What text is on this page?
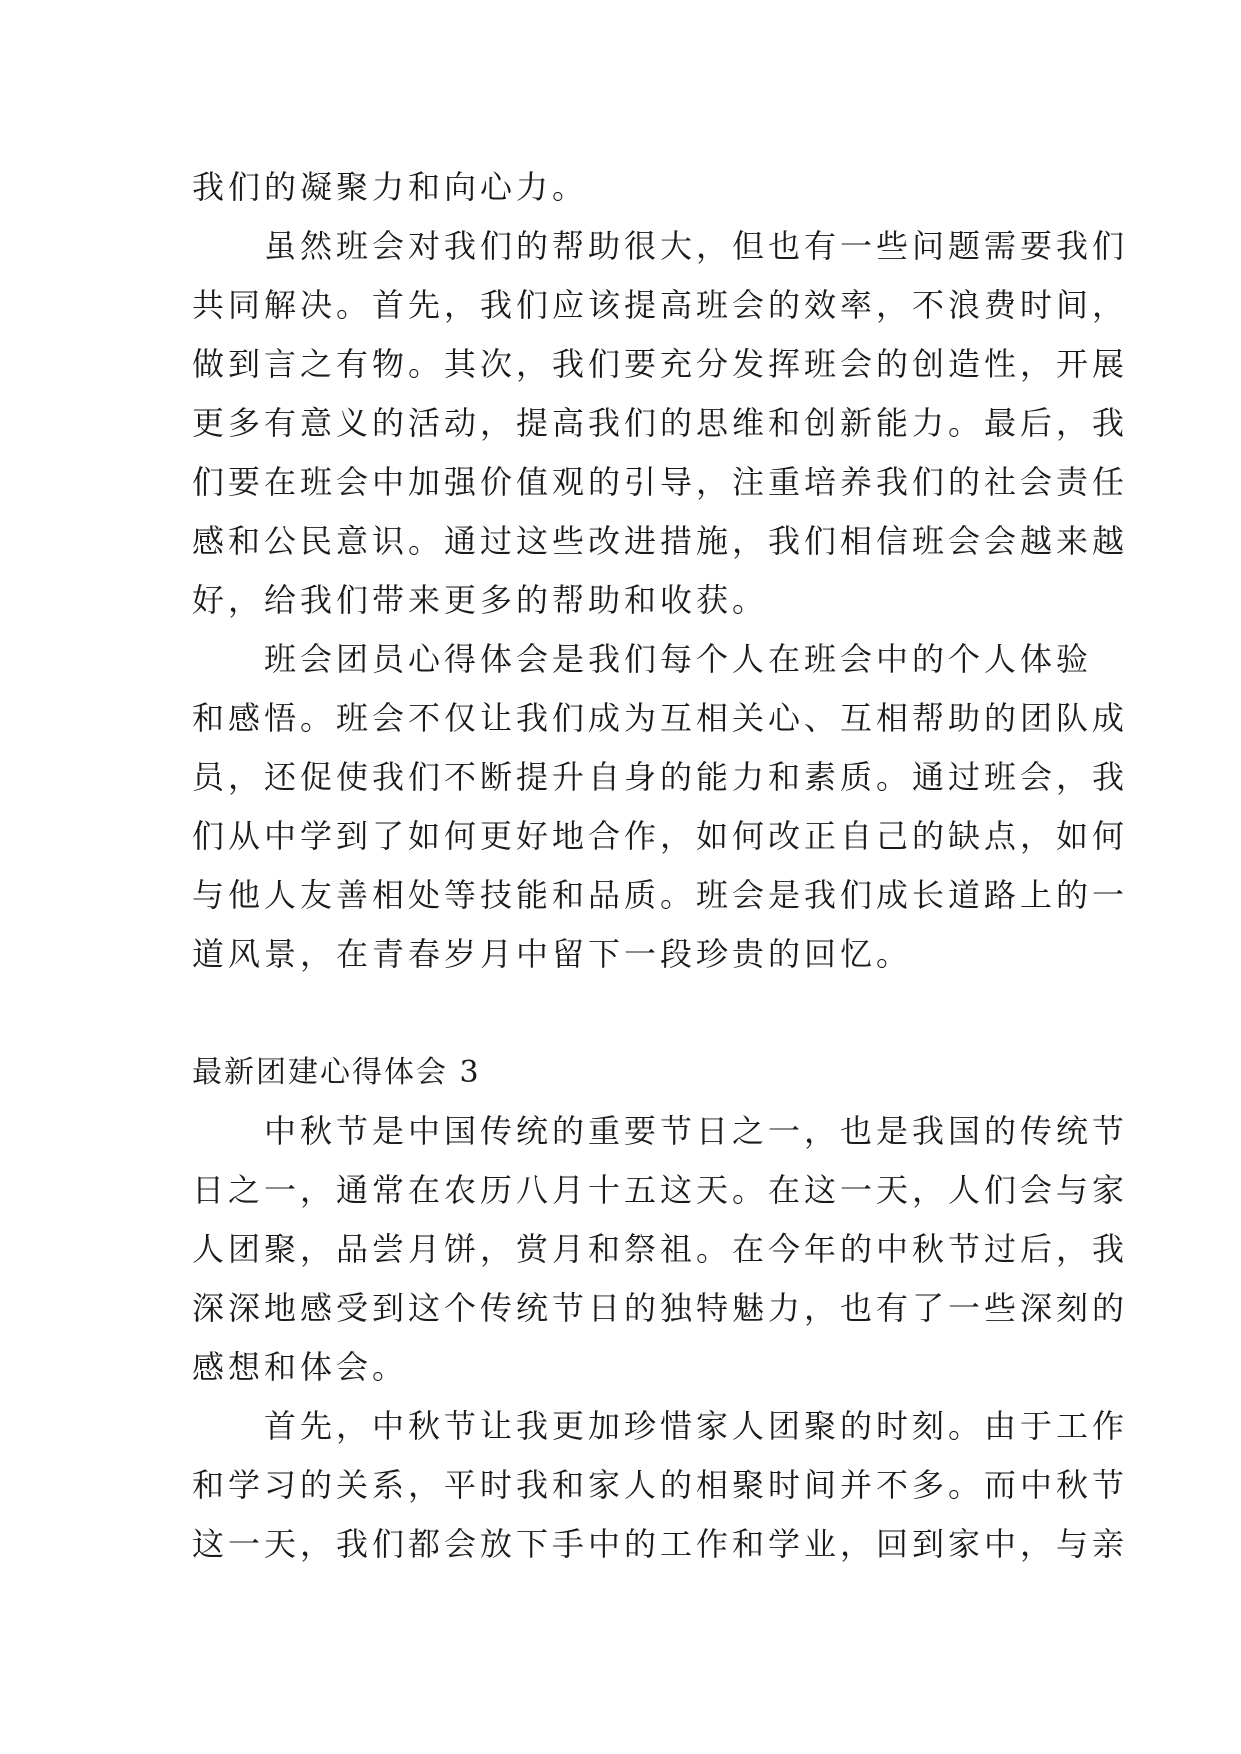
我们的凝聚力和向心力。
　　虽然班会对我们的帮助很大，但也有一些问题需要我们
共同解决。首先，我们应该提高班会的效率，不浪费时间，
做到言之有物。其次，我们要充分发挥班会的创造性，开展
更多有意义的活动，提高我们的思维和创新能力。最后，我
们要在班会中加强价值观的引导，注重培养我们的社会责任
感和公民意识。通过这些改进措施，我们相信班会会越来越
好，给我们带来更多的帮助和收获。
　　班会团员心得体会是我们每个人在班会中的个人体验
和感悟。班会不仅让我们成为互相关心、互相帮助的团队成
员，还促使我们不断提升自身的能力和素质。通过班会，我
们从中学到了如何更好地合作，如何改正自己的缺点，如何
与他人友善相处等技能和品质。班会是我们成长道路上的一
道风景，在青春岁月中留下一段珍贵的回忆。
最新团建心得体会 3
　　中秋节是中国传统的重要节日之一，也是我国的传统节
日之一，通常在农历八月十五这天。在这一天，人们会与家
人团聚，品尝月饼，赏月和祭祖。在今年的中秋节过后，我
深深地感受到这个传统节日的独特魅力，也有了一些深刻的
感想和体会。
　　首先，中秋节让我更加珍惜家人团聚的时刻。由于工作
和学习的关系，平时我和家人的相聚时间并不多。而中秋节
这一天，我们都会放下手中的工作和学业，回到家中，与亲
